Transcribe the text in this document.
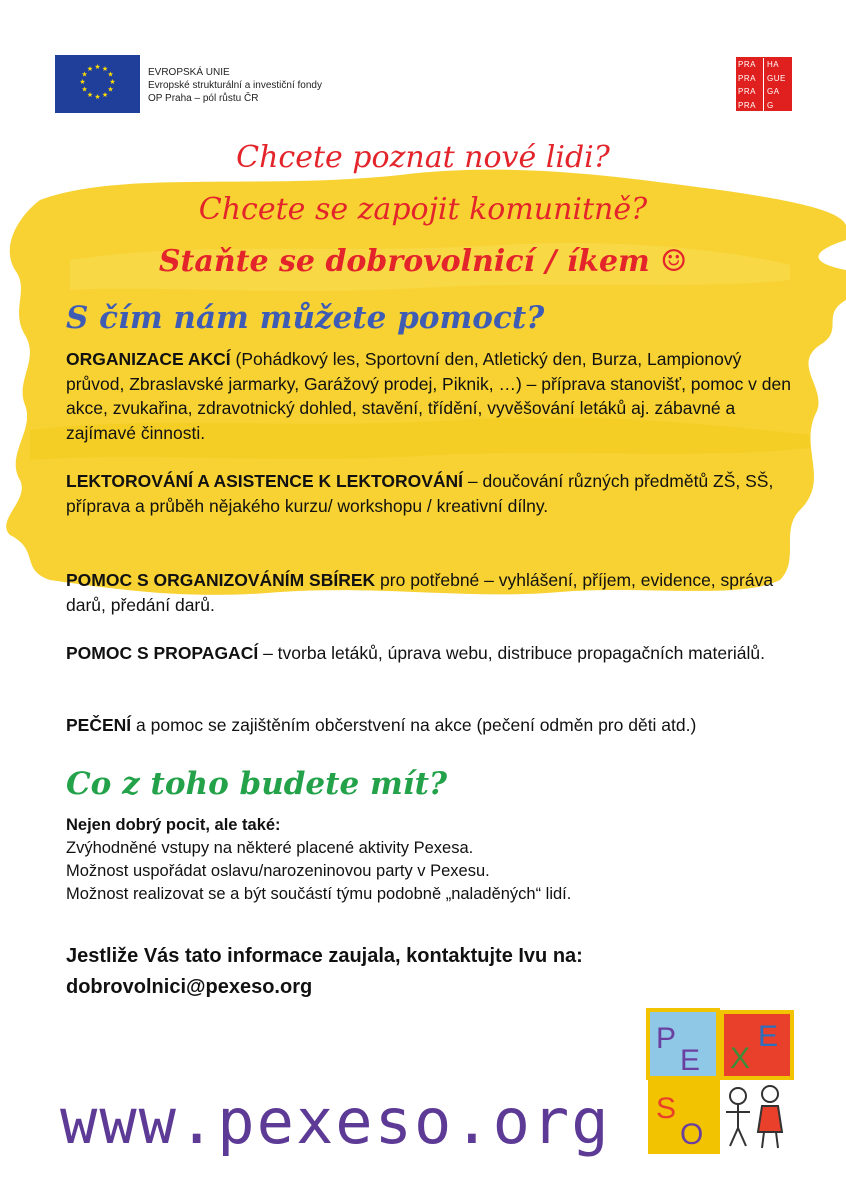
★ ★
★
★
★
★
★
★
★
★
★
★	EVROPSKÁ UNIE
Evropské strukturální a investiční fondy
OP Praha – pól růstu ČR
PRA
PRA
PRA
PRA
HA
GUE
GA
G
Chcete poznat nové lidi?
Chcete se zapojit komunitně?
Staňte se dobrovolnicí / íkem ☺
S čím nám můžete pomoct?
ORGANIZACE AKCÍ (Pohádkový les, Sportovní den, Atletický den, Burza, Lampionový průvod, Zbraslavské jarmarky, Garážový prodej, Piknik, …) – příprava stanovišť, pomoc v den akce, zvukařina, zdravotnický dohled, stavění, třídění, vyvěšování letáků aj. zábavné a zajímavé činnosti.
LEKTOROVÁNÍ A ASISTENCE K LEKTOROVÁNÍ – doučování různých předmětů ZŠ, SŠ, příprava a průběh nějakého kurzu/ workshopu / kreativní dílny.
POMOC S ORGANIZOVÁNÍM SBÍREK pro potřebné – vyhlášení, příjem, evidence, správa darů, předání darů.
POMOC S PROPAGACÍ – tvorba letáků, úprava webu, distribuce propagačních materiálů.
PEČENÍ a pomoc se zajištěním občerstvení na akce (pečení odměn pro děti atd.)
Co z toho budete mít?
Nejen dobrý pocit, ale také:
Zvýhodněné vstupy na některé placené aktivity Pexesa.
Možnost uspořádat oslavu/narozeninovou party v Pexesu.
Možnost realizovat se a být součástí týmu podobně „naladěných“ lidí.
Jestliže Vás tato informace zaujala, kontaktujte Ivu na:
dobrovolnici@pexeso.org
www.pexeso.org
P
E X
E
S
O
